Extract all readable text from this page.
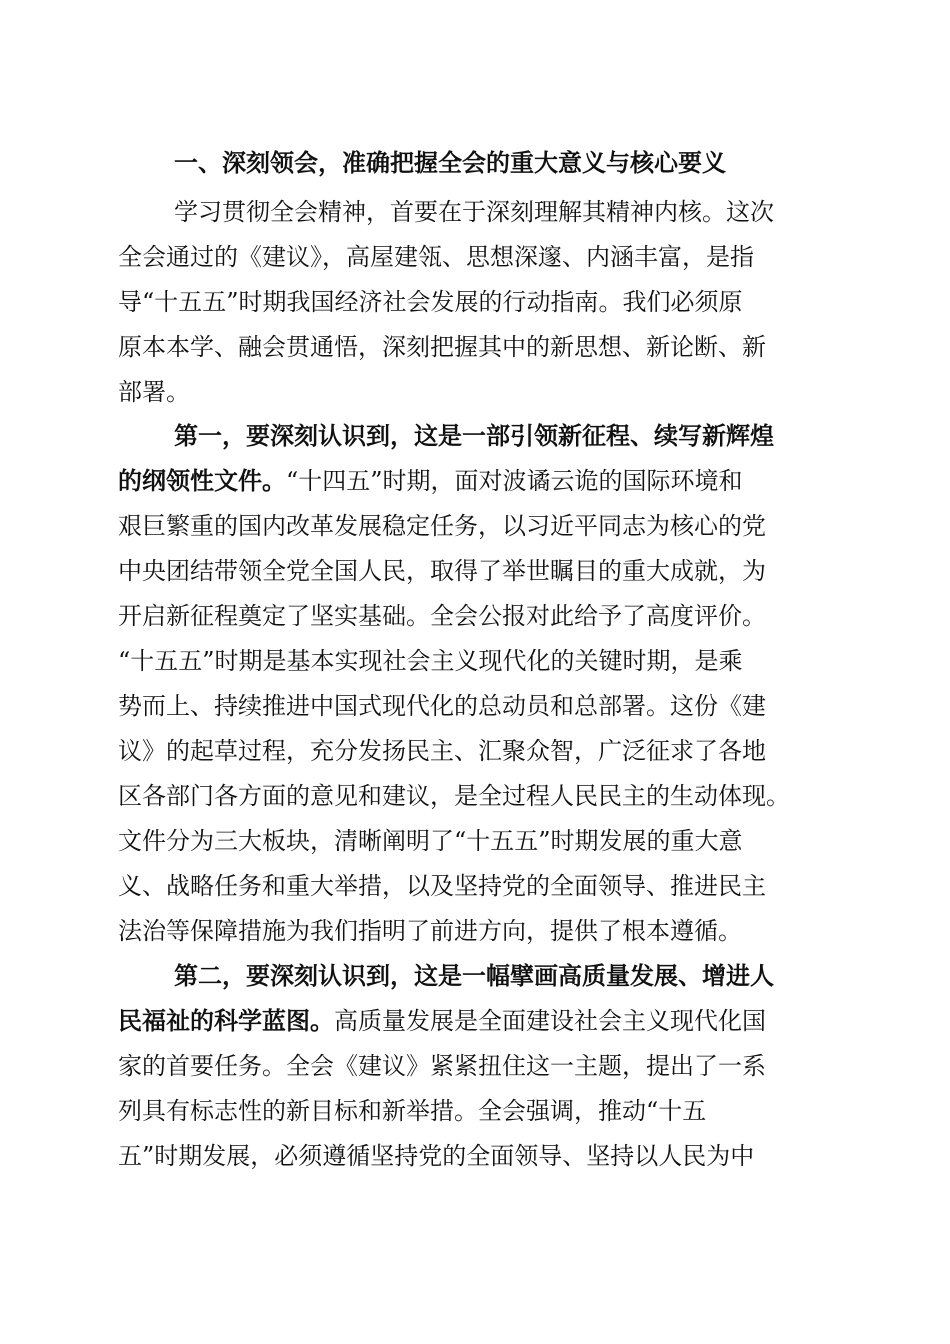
一、深刻领会，准确把握全会的重大意义与核心要义
学习贯彻全会精神，首要在于深刻理解其精神内核。这次
全会通过的《建议》，高屋建瓴、思想深邃、内涵丰富，是指
导“十五五”时期我国经济社会发展的行动指南。我们必须原
原本本学、融会贯通悟，深刻把握其中的新思想、新论断、新
部署。
第一，要深刻认识到，这是一部引领新征程、续写新辉煌
的纲领性文件。“十四五”时期，面对波谲云诡的国际环境和
艰巨繁重的国内改革发展稳定任务，以习近平同志为核心的党
中央团结带领全党全国人民，取得了举世瞩目的重大成就，为
开启新征程奠定了坚实基础。全会公报对此给予了高度评价。
“十五五”时期是基本实现社会主义现代化的关键时期，是乘
势而上、持续推进中国式现代化的总动员和总部署。这份《建
议》的起草过程，充分发扬民主、汇聚众智，广泛征求了各地
区各部门各方面的意见和建议，是全过程人民民主的生动体现。
文件分为三大板块，清晰阐明了“十五五”时期发展的重大意
义、战略任务和重大举措，以及坚持党的全面领导、推进民主
法治等保障措施为我们指明了前进方向，提供了根本遵循。
第二，要深刻认识到，这是一幅擘画高质量发展、增进人
民福祉的科学蓝图。高质量发展是全面建设社会主义现代化国
家的首要任务。全会《建议》紧紧扭住这一主题，提出了一系
列具有标志性的新目标和新举措。全会强调，推动“十五
五”时期发展，必须遵循坚持党的全面领导、坚持以人民为中
